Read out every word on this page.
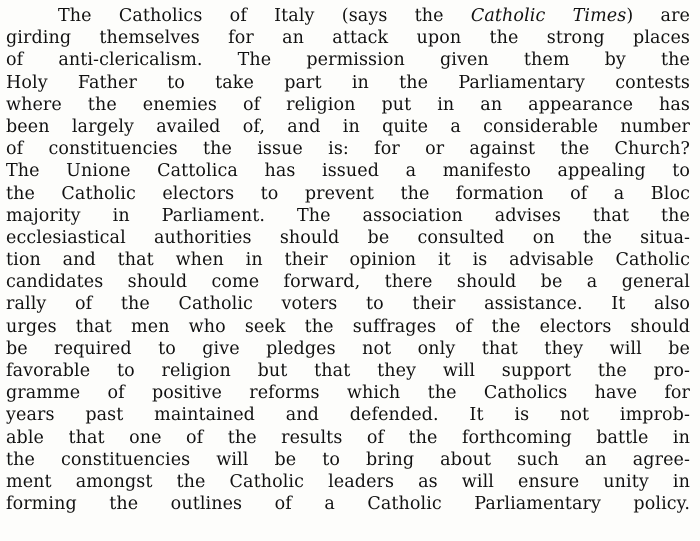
The Catholics of Italy (says the Catholic Times) are
girding themselves for an attack upon the strong places
of anti-clericalism. The permission given them by the
Holy Father to take part in the Parliamentary contests
where the enemies of religion put in an appearance has
been largely availed of, and in quite a considerable number
of constituencies the issue is: for or against the Church?
The Unione Cattolica has issued a manifesto appealing to
the Catholic electors to prevent the formation of a Bloc
majority in Parliament. The association advises that the
ecclesiastical authorities should be consulted on the situa-
tion and that when in their opinion it is advisable Catholic
candidates should come forward, there should be a general
rally of the Catholic voters to their assistance. It also
urges that men who seek the suffrages of the electors should
be required to give pledges not only that they will be
favorable to religion but that they will support the pro-
gramme of positive reforms which the Catholics have for
years past maintained and defended. It is not improb-
able that one of the results of the forthcoming battle in
the constituencies will be to bring about such an agree-
ment amongst the Catholic leaders as will ensure unity in
forming the outlines of a Catholic Parliamentary policy.
